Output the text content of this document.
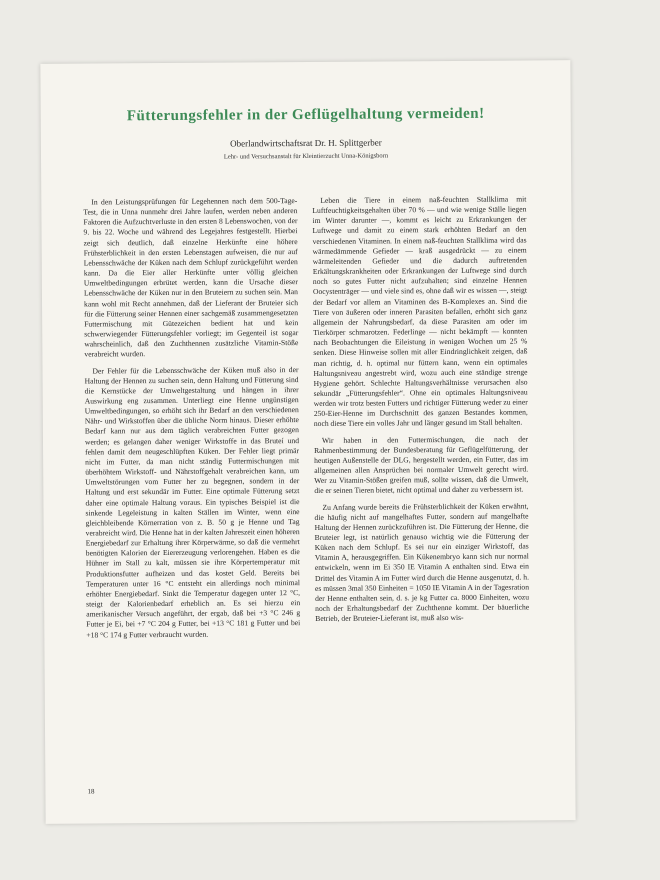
Fütterungsfehler in der Geflügelhaltung vermeiden!
Oberlandwirtschaftsrat Dr. H. Splittgerber
Lehr- und Versuchsanstalt für Kleintierzucht Unna-Königsborn

In den Leistungsprüfungen für Legehennen nach dem 500-Tage-Test, die in Unna nunmehr drei Jahre laufen, werden neben anderen Faktoren die Aufzuchtverluste in den ersten 8 Lebenswochen, von der 9. bis 22. Woche und während des Legejahres festgestellt. Hierbei zeigt sich deutlich, daß einzelne Herkünfte eine höhere Frühsterblichkeit in den ersten Lebenstagen aufweisen, die nur auf Lebensschwäche der Küken nach dem Schlupf zurückgeführt werden kann. Da die Eier aller Herkünfte unter völlig gleichen Umweltbedingungen erbrütet werden, kann die Ursache dieser Lebensschwäche der Küken nur in den Bruteiern zu suchen sein. Man kann wohl mit Recht annehmen, daß der Lieferant der Bruteier sich für die Fütterung seiner Hennen einer sachgemäß zusammengesetzten Futtermischung mit Gütezeichen bedient hat und kein schwerwiegender Fütterungsfehler vorliegt; im Gegenteil ist sogar wahrscheinlich, daß den Zuchthennen zusätzliche Vitamin-Stöße verabreicht wurden.

Der Fehler für die Lebensschwäche der Küken muß also in der Haltung der Hennen zu suchen sein, denn Haltung und Fütterung sind die Kernstücke der Umweltgestaltung und hängen in ihrer Auswirkung eng zusammen. Unterliegt eine Henne ungünstigen Umweltbedingungen, so erhöht sich ihr Bedarf an den verschiedenen Nähr- und Wirkstoffen über die übliche Norm hinaus. Dieser erhöhte Bedarf kann nur aus dem täglich verabreichten Futter gezogen werden; es gelangen daher weniger Wirkstoffe in das Bruteí und fehlen damit dem neugeschlüpften Küken. Der Fehler liegt primär nicht im Futter, da man nicht ständig Futtermischungen mit überhöhtem Wirkstoff- und Nährstoffgehalt verabreichen kann, um Umweltstörungen vom Futter her zu begegnen, sondern in der Haltung und erst sekundär im Futter. Eine optimale Fütterung setzt daher eine optimale Haltung voraus. Ein typisches Beispiel ist die sinkende Legeleistung in kalten Ställen im Winter, wenn eine gleichbleibende Körnerration von z. B. 50 g je Henne und Tag verabreicht wird. Die Henne hat in der kalten Jahreszeit einen höheren Energiebedarf zur Erhaltung ihrer Körperwärme, so daß die vermehrt benötigten Kalorien der Eiererzeugung verlorengehen. Haben es die Hühner im Stall zu kalt, müssen sie ihre Körpertemperatur mit Produktionsfutter aufheizen und das kostet Geld. Bereits bei Temperaturen unter 16 °C entsteht ein allerdings noch minimal erhöhter Energiebedarf. Sinkt die Temperatur dagegen unter 12 °C, steigt der Kalorienbedarf erheblich an. Es sei hierzu ein amerikanischer Versuch angeführt, der ergab, daß bei +3 °C 246 g Futter je Ei, bei +7 °C 204 g Futter, bei +13 °C 181 g Futter und bei +18 °C 174 g Futter verbraucht wurden.

Leben die Tiere in einem naß-feuchten Stallklima mit Luftfeuchtigkeitsgehalten über 70 % — und wie wenige Ställe liegen im Winter darunter —, kommt es leicht zu Erkrankungen der Luftwege und damit zu einem stark erhöhten Bedarf an den verschiedenen Vitaminen. In einem naß-feuchten Stallklima wird das wärmedämmende Gefieder — kraß ausgedrückt — zu einem wärmeleitenden Gefieder und die dadurch auftretenden Erkältungskrankheiten oder Erkrankungen der Luftwege sind durch noch so gutes Futter nicht aufzuhalten; sind einzelne Hennen Oocystenträger — und viele sind es, ohne daß wir es wissen —, steigt der Bedarf vor allem an Vitaminen des B-Komplexes an. Sind die Tiere von äußeren oder inneren Parasiten befallen, erhöht sich ganz allgemein der Nahrungsbedarf, da diese Parasiten am oder im Tierkörper schmarotzen. Federlinge — nicht bekämpft — konnten nach Beobachtungen die Eileistung in wenigen Wochen um 25 % senken. Diese Hinweise sollen mit aller Eindringlichkeit zeigen, daß man richtig, d. h. optimal nur füttern kann, wenn ein optimales Haltungsniveau angestrebt wird, wozu auch eine ständige strenge Hygiene gehört. Schlechte Haltungsverhältnisse verursachen also sekundär „Fütterungsfehler“. Ohne ein optimales Haltungsniveau werden wir trotz besten Futters und richtiger Fütterung weder zu einer 250-Eier-Henne im Durchschnitt des ganzen Bestandes kommen, noch diese Tiere ein volles Jahr und länger gesund im Stall behalten.

Wir haben in den Futtermischungen, die nach der Rahmenbestimmung der Bundesberatung für Geflügelfütterung, der heutigen Außenstelle der DLG, hergestellt werden, ein Futter, das im allgemeinen allen Ansprüchen bei normaler Umwelt gerecht wird. Wer zu Vitamin-Stößen greifen muß, sollte wissen, daß die Umwelt, die er seinen Tieren bietet, nicht optimal und daher zu verbessern ist.

Zu Anfang wurde bereits die Frühsterblichkeit der Küken erwähnt, die häufig nicht auf mangelhaftes Futter, sondern auf mangelhafte Haltung der Hennen zurückzuführen ist. Die Fütterung der Henne, die Bruteier legt, ist natürlich genauso wichtig wie die Fütterung der Küken nach dem Schlupf. Es sei nur ein einziger Wirkstoff, das Vitamin A, herausgegriffen. Ein Kükenembryo kann sich nur normal entwickeln, wenn im Ei 350 IE Vitamin A enthalten sind. Etwa ein Drittel des Vitamin A im Futter wird durch die Henne ausgenutzt, d. h. es müssen 3mal 350 Einheiten = 1050 IE Vitamin A in der Tagesration der Henne enthalten sein, d. s. je kg Futter ca. 8000 Einheiten, wozu noch der Erhaltungsbedarf der Zuchthenne kommt. Der bäuerliche Betrieb, der Bruteier-Lieferant ist, muß also wis-

18
